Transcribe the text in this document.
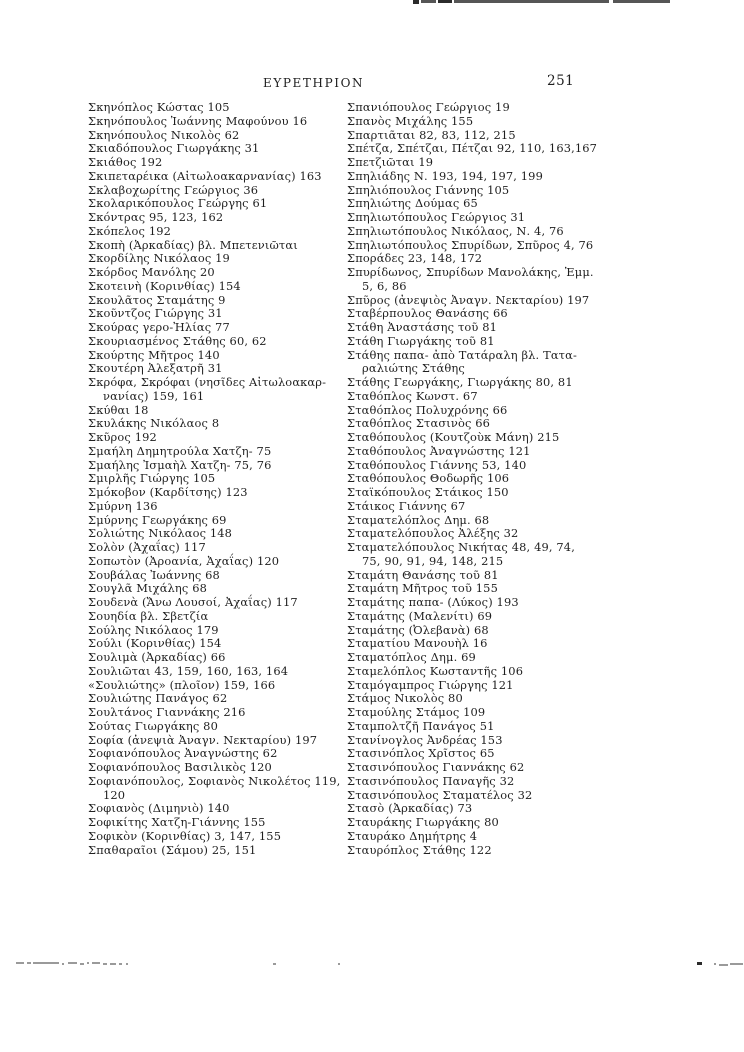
ΕΥΡΕΤΗΡΙΟΝ	251
Σκηνόπλος Κώστας 105
Σκηνόπουλος Ἰωάννης Μαφούνου 16
Σκηνόπουλος Νικολὸς 62
Σκιαδόπουλος Γιωργάκης 31
Σκιάθος 192
Σκιπεταρέικα (Αἰτωλοακαρνανίας) 163
Σκλαβοχωρίτης Γεώργιος 36
Σκολαρικόπουλος Γεώργης 61
Σκόντρας 95, 123, 162
Σκόπελος 192
Σκοπὴ (Ἀρκαδίας) βλ. Μπετενιῶται
Σκορδίλης Νικόλαος 19
Σκόρδος Μανόλης 20
Σκοτεινὴ (Κορινθίας) 154
Σκουλᾶτος Σταμάτης 9
Σκοῦντζος Γιώργης 31
Σκούρας γερο-Ἠλίας 77
Σκουριασμένος Στάθης 60, 62
Σκούρτης Μῆτρος 140
Σκουτέρη Ἀλεξατρῆ 31
Σκρόφα, Σκρόφαι (νησῖδες Αἰτωλοακαρ-
νανίας) 159, 161
Σκύθαι 18
Σκυλάκης Νικόλαος 8
Σκῦρος 192
Σμαήλη Δημητρούλα Χατζη- 75
Σμαήλης Ἰσμαὴλ Χατζη- 75, 76
Σμιρλῆς Γιώργης 105
Σμόκοβον (Καρδίτσης) 123
Σμύρνη 136
Σμύρνης Γεωργάκης 69
Σολιώτης Νικόλαος 148
Σολὸν (Ἀχαΐας) 117
Σοπωτὸν (Ἀροανία, Ἀχαΐας) 120
Σουβάλας Ἰωάννης 68
Σουγλᾶ Μιχάλης 68
Σουδενὰ (Ἄνω Λουσοί, Ἀχαΐας) 117
Σουηδία βλ. Σβετζία
Σούλης Νικόλαος 179
Σούλι (Κορινθίας) 154
Σουλιμὰ (Ἀρκαδίας) 66
Σουλιῶται 43, 159, 160, 163, 164
«Σουλιώτης» (πλοῖον) 159, 166
Σουλιώτης Πανάγος 62
Σουλτάνος Γιαννάκης 216
Σούτας Γιωργάκης 80
Σοφία (ἀνεψιὰ Ἀναγν. Νεκταρίου) 197
Σοφιανόπουλος Ἀναγνώστης 62
Σοφιανόπουλος Βασιλικὸς 120
Σοφιανόπουλος, Σοφιανὸς Νικολέτος 119,
120
Σοφιανὸς (Διμηνιὸ) 140
Σοφικίτης Χατζη-Γιάννης 155
Σοφικὸν (Κορινθίας) 3, 147, 155
Σπαθαραῖοι (Σάμου) 25, 151
Σπανιόπουλος Γεώργιος 19
Σπανὸς Μιχάλης 155
Σπαρτιᾶται 82, 83, 112, 215
Σπέτζα, Σπέτζαι, Πέτζαι 92, 110, 163,167
Σπετζιῶται 19
Σπηλιάδης Ν. 193, 194, 197, 199
Σπηλιόπουλος Γιάννης 105
Σπηλιώτης Δούμας 65
Σπηλιωτόπουλος Γεώργιος 31
Σπηλιωτόπουλος Νικόλαος, Ν. 4, 76
Σπηλιωτόπουλος Σπυρίδων, Σπῦρος 4, 76
Σποράδες 23, 148, 172
Σπυρίδωνος, Σπυρίδων Μανολάκης, Ἐμμ.
5, 6, 86
Σπῦρος (ἀνεψιὸς Ἀναγν. Νεκταρίου) 197
Σταβέρπουλος Θανάσης 66
Στάθη Ἀναστάσης τοῦ 81
Στάθη Γιωργάκης τοῦ 81
Στάθης παπα- ἀπὸ Τατάραλη βλ. Τατα-
ραλιώτης Στάθης
Στάθης Γεωργάκης, Γιωργάκης 80, 81
Σταθόπλος Κωνστ. 67
Σταθόπλος Πολυχρόνης 66
Σταθόπλος Στασινὸς 66
Σταθόπουλος (Κουτζοὺκ Μάνη) 215
Σταθόπουλος Ἀναγνώστης 121
Σταθόπουλος Γιάννης 53, 140
Σταθόπουλος Θοδωρῆς 106
Σταϊκόπουλος Στάικος 150
Στάικος Γιάννης 67
Σταματελόπλος Δημ. 68
Σταματελόπουλος Ἀλέξης 32
Σταματελόπουλος Νικήτας 48, 49, 74,
75, 90, 91, 94, 148, 215
Σταμάτη Θανάσης τοῦ 81
Σταμάτη Μῆτρος τοῦ 155
Σταμάτης παπα- (Λύκος) 193
Σταμάτης (Μαλενίτι) 69
Σταμάτης (Ὀλεβανὰ) 68
Σταματίου Μανουὴλ 16
Σταματόπλος Δημ. 69
Σταμελόπλος Κωσταντῆς 106
Σταμόγαμπρος Γιώργης 121
Στάμος Νικολὸς 80
Σταμούλης Στάμος 109
Σταμπολτζῆ Πανάγος 51
Στανίνογλος Ἀνδρέας 153
Στασινόπλος Χρῖστος 65
Στασινόπουλος Γιαννάκης 62
Στασινόπουλος Παναγῆς 32
Στασινόπουλος Σταματέλος 32
Στασὸ (Ἀρκαδίας) 73
Σταυράκης Γιωργάκης 80
Σταυράκο Δημήτρης 4
Σταυρόπλος Στάθης 122
